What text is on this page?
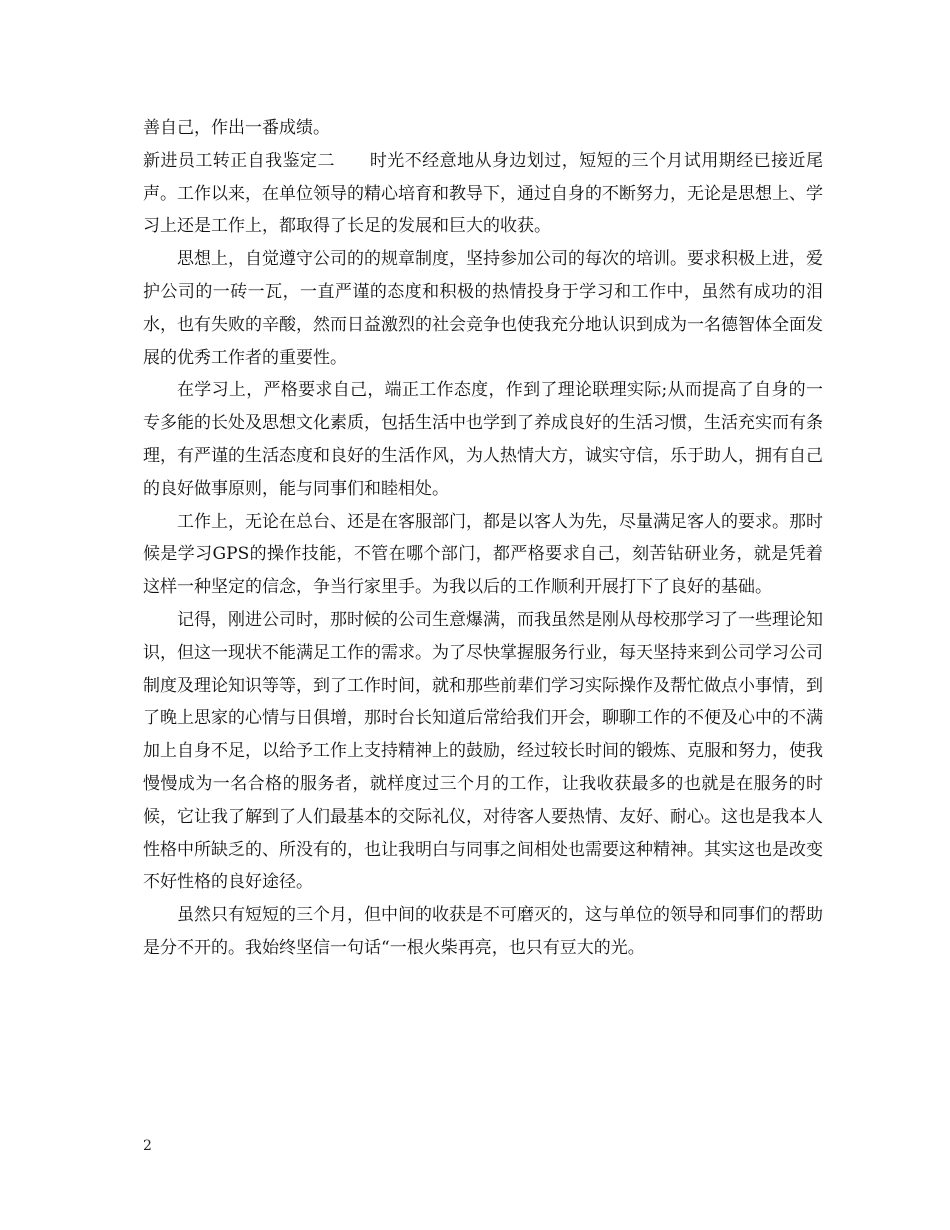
善自己，作出一番成绩。

新进员工转正自我鉴定二　　时光不经意地从身边划过，短短的三个月试用期经已接近尾声。工作以来，在单位领导的精心培育和教导下，通过自身的不断努力，无论是思想上、学习上还是工作上，都取得了长足的发展和巨大的收获。

思想上，自觉遵守公司的的规章制度，坚持参加公司的每次的培训。要求积极上进，爱护公司的一砖一瓦，一直严谨的态度和积极的热情投身于学习和工作中，虽然有成功的泪水，也有失败的辛酸，然而日益激烈的社会竞争也使我充分地认识到成为一名德智体全面发展的优秀工作者的重要性。

在学习上，严格要求自己，端正工作态度，作到了理论联理实际;从而提高了自身的一专多能的长处及思想文化素质，包括生活中也学到了养成良好的生活习惯，生活充实而有条理，有严谨的生活态度和良好的生活作风，为人热情大方，诚实守信，乐于助人，拥有自己的良好做事原则，能与同事们和睦相处。

工作上，无论在总台、还是在客服部门，都是以客人为先，尽量满足客人的要求。那时候是学习GPS的操作技能，不管在哪个部门，都严格要求自己，刻苦钻研业务，就是凭着这样一种坚定的信念，争当行家里手。为我以后的工作顺利开展打下了良好的基础。

记得，刚进公司时，那时候的公司生意爆满，而我虽然是刚从母校那学习了一些理论知识，但这一现状不能满足工作的需求。为了尽快掌握服务行业，每天坚持来到公司学习公司制度及理论知识等等，到了工作时间，就和那些前辈们学习实际操作及帮忙做点小事情，到了晚上思家的心情与日俱增，那时台长知道后常给我们开会，聊聊工作的不便及心中的不满加上自身不足，以给予工作上支持精神上的鼓励，经过较长时间的锻炼、克服和努力，使我慢慢成为一名合格的服务者，就样度过三个月的工作，让我收获最多的也就是在服务的时候，它让我了解到了人们最基本的交际礼仪，对待客人要热情、友好、耐心。这也是我本人性格中所缺乏的、所没有的，也让我明白与同事之间相处也需要这种精神。其实这也是改变不好性格的良好途径。

虽然只有短短的三个月，但中间的收获是不可磨灭的，这与单位的领导和同事们的帮助是分不开的。我始终坚信一句话“一根火柴再亮，也只有豆大的光。

2
